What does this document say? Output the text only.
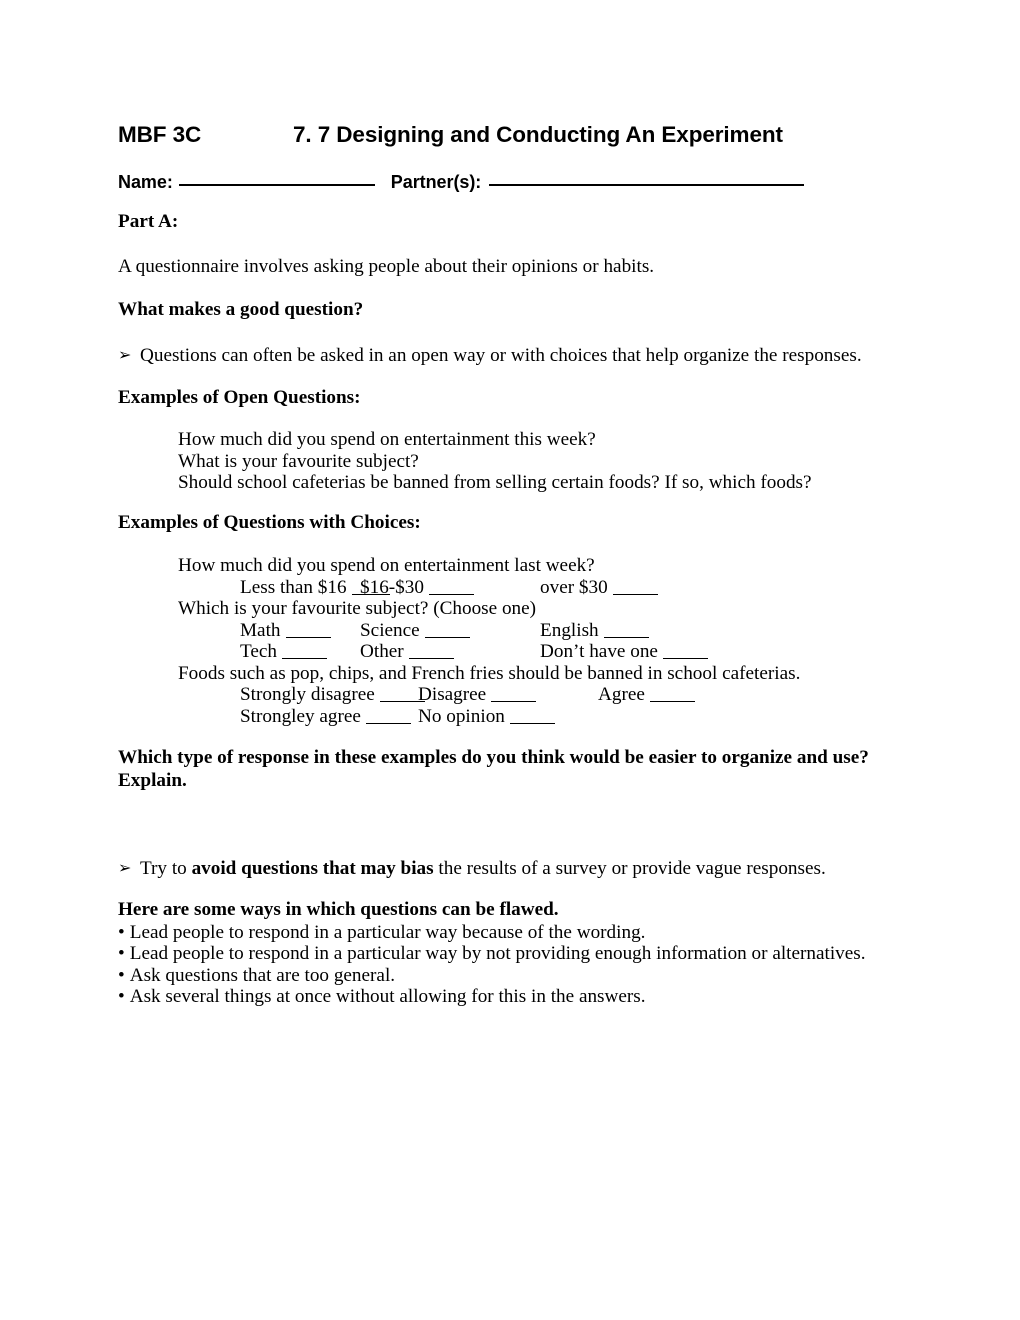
MBF 3C	7. 7 Designing and Conducting An Experiment
Name:	Partner(s):
Part A:
A questionnaire involves asking people about their opinions or habits.
What makes a good question?
➢ Questions can often be asked in an open way or with choices that help organize the responses.
Examples of Open Questions:
How much did you spend on entertainment this week?
What is your favourite subject?
Should school cafeterias be banned from selling certain foods? If so, which foods?
Examples of Questions with Choices:
How much did you spend on entertainment last week?
Less than $16 $16-$30	over $30
Which is your favourite subject? (Choose one)
Math	Science	English
Tech	Other	Don’t have one
Foods such as pop, chips, and French fries should be banned in school cafeterias.
Strongly disagree Disagree	Agree
Strongley agree	No opinion
Which type of response in these examples do you think would be easier to organize and use?
Explain.
➢ Try to avoid questions that may bias the results of a survey or provide vague responses.
Here are some ways in which questions can be flawed.
• Lead people to respond in a particular way because of the wording.
• Lead people to respond in a particular way by not providing enough information or alternatives.
• Ask questions that are too general.
• Ask several things at once without allowing for this in the answers.
